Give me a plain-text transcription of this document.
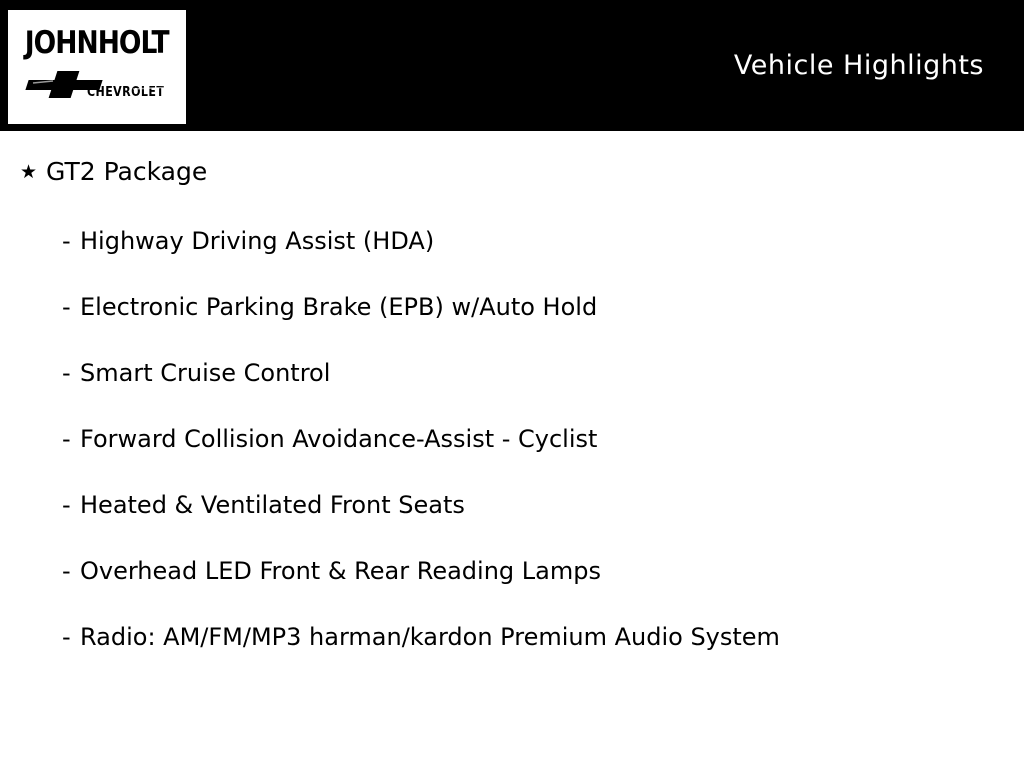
Vehicle Highlights
JOHNHOLT
CHEVROLET
★ GT2 Package
- Highway Driving Assist (HDA)
- Electronic Parking Brake (EPB) w/Auto Hold
- Smart Cruise Control
- Forward Collision Avoidance-Assist - Cyclist
- Heated & Ventilated Front Seats
- Overhead LED Front & Rear Reading Lamps
- Radio: AM/FM/MP3 harman/kardon Premium Audio System
